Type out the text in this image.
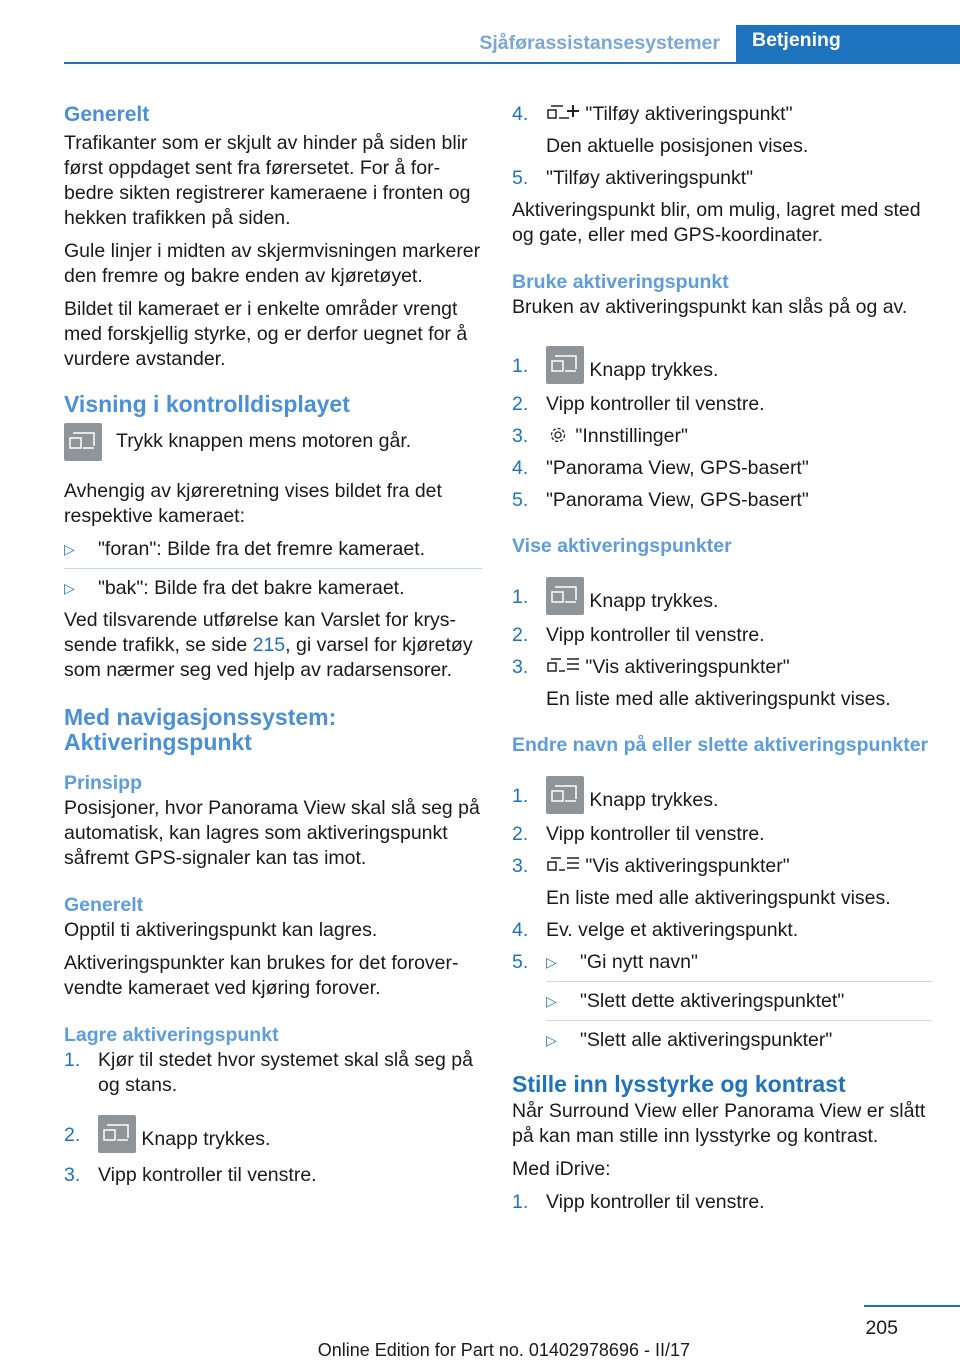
Sjåførassistansesystemer	Betjening
Generelt

Trafikanter som er skjult av hinder på siden blir først oppdaget sent fra førersetet. For å forbedre sikten registrerer kameraene i fronten og hekken trafikken på siden.

Gule linjer i midten av skjermvisningen markerer den fremre og bakre enden av kjøretøyet.

Bildet til kameraet er i enkelte områder vrengt med forskjellig styrke, og er derfor uegnet for å vurdere avstander.

Visning i kontrolldisplayet
Trykk knappen mens motoren går.

Avhengig av kjøreretning vises bildet fra det respektive kameraet:

▷ "foran": Bilde fra det fremre kameraet.
▷ "bak": Bilde fra det bakre kameraet.

Ved tilsvarende utførelse kan Varslet for kryssende trafikk, se side 215, gi varsel for kjøretøy som nærmer seg ved hjelp av radarsensorer.

Med navigasjonssystem: Aktiveringspunkt
Prinsipp

Posisjoner, hvor Panorama View skal slå seg på automatisk, kan lagres som aktiveringspunkt såfremt GPS-signaler kan tas imot.

Generelt

Opptil ti aktiveringspunkt kan lagres.

Aktiveringspunkter kan brukes for det forovervendte kameraet ved kjøring forover.

Lagre aktiveringspunkt
1. Kjør til stedet hvor systemet skal slå seg på og stans.
2.	Knapp trykkes.
3. Vipp kontroller til venstre.
4.	"Tilføy aktiveringspunkt"
Den aktuelle posisjonen vises.
5. "Tilføy aktiveringspunkt"

Aktiveringspunkt blir, om mulig, lagret med sted og gate, eller med GPS-koordinater.

Bruke aktiveringspunkt

Bruken av aktiveringspunkt kan slås på og av.

1.	Knapp trykkes.
2. Vipp kontroller til venstre.
3. "Innstillinger"
4. "Panorama View, GPS-basert"
5. "Panorama View, GPS-basert"
Vise aktiveringspunkter
1.	Knapp trykkes.
2. Vipp kontroller til venstre.
3.	"Vis aktiveringspunkter"
En liste med alle aktiveringspunkt vises.
Endre navn på eller slette aktiveringspunkter
1.	Knapp trykkes.
2. Vipp kontroller til venstre.
3.	"Vis aktiveringspunkter"
En liste med alle aktiveringspunkt vises.
4. Ev. velge et aktiveringspunkt.
5. ▷ "Gi nytt navn"
▷ "Slett dette aktiveringspunktet"
▷ "Slett alle aktiveringspunkter"
Stille inn lysstyrke og kontrast

Når Surround View eller Panorama View er slått på kan man stille inn lysstyrke og kontrast.

Med iDrive:

1. Vipp kontroller til venstre.
205
Online Edition for Part no. 01402978696 - II/17
